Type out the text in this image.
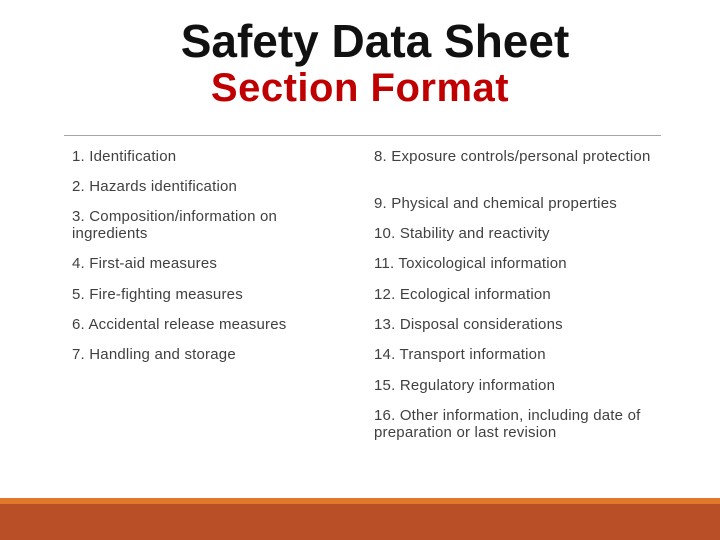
Safety Data Sheet
Section Format

1. Identification

2. Hazards identification

3. Composition/information on ingredients

4. First-aid measures

5. Fire-fighting measures

6. Accidental release measures

7. Handling and storage

8. Exposure controls/personal protection

9. Physical and chemical properties

10. Stability and reactivity

11. Toxicological information

12. Ecological information

13. Disposal considerations

14. Transport information

15. Regulatory information

16. Other information, including date of preparation or last revision
